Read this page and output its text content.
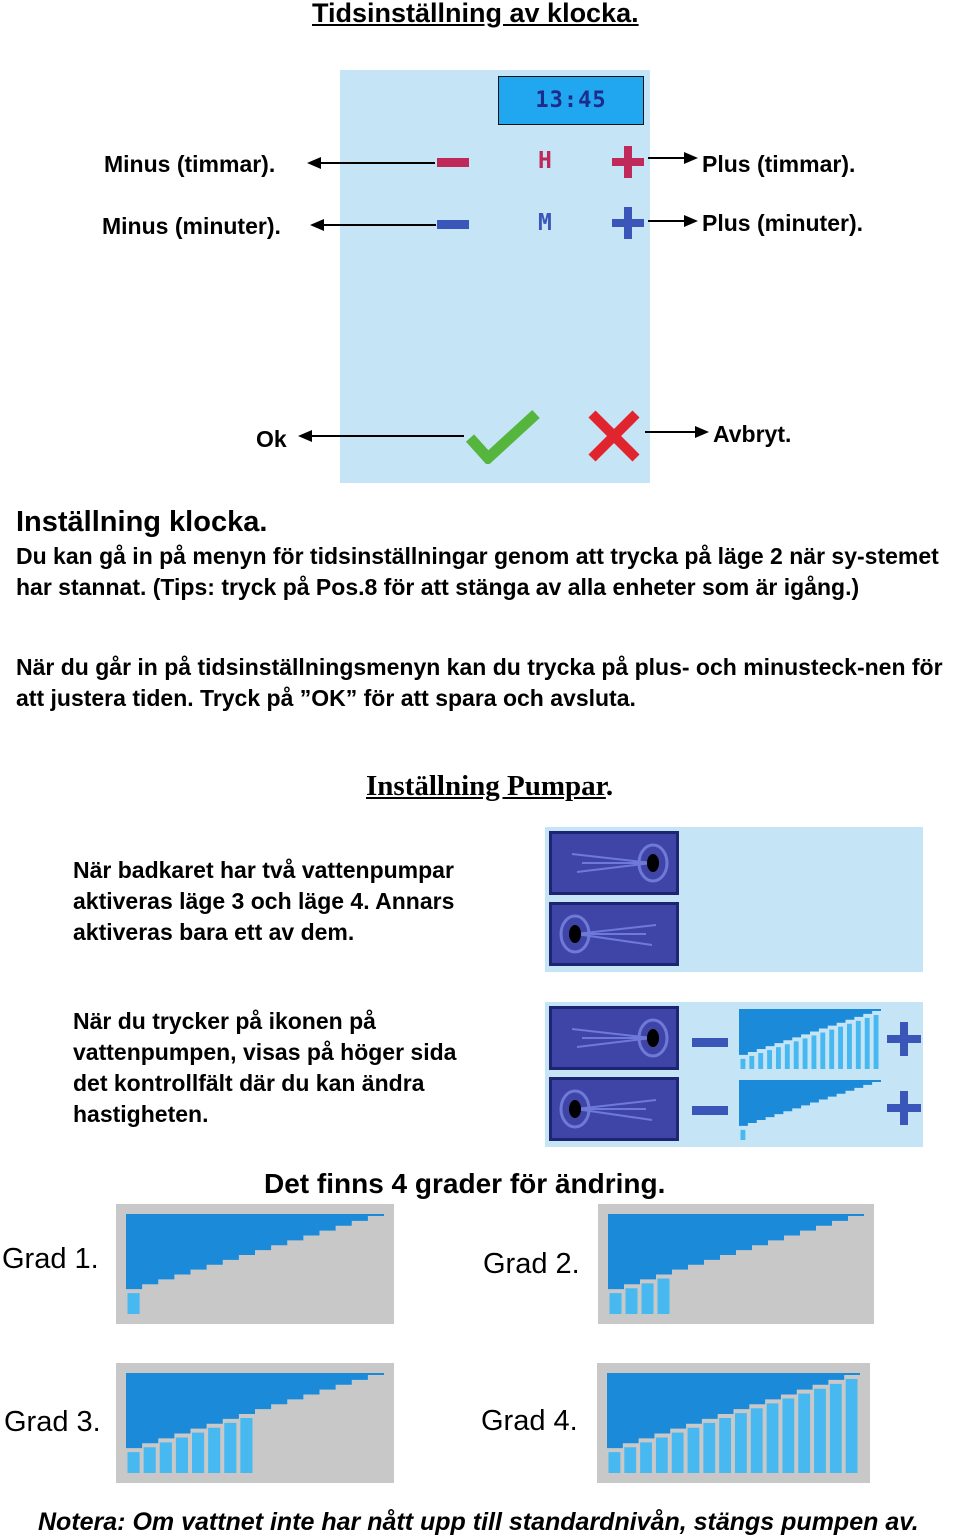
Tidsinställning av klocka.
13:45
H
M
Minus (timmar).
Minus (minuter).
Plus (timmar).
Plus (minuter).
Ok	Avbryt.
Inställning klocka.
Du kan gå in på menyn för tidsinställningar genom att trycka på läge 2 när sy-stemet har stannat. (Tips: tryck på Pos.8 för att stänga av alla enheter som är igång.)
När du går in på tidsinställningsmenyn kan du trycka på plus- och minusteck-nen för att justera tiden. Tryck på ”OK” för att spara och avsluta.
Inställning Pumpar.
När badkaret har två vattenpumpar aktiveras läge 3 och läge 4. Annars aktiveras bara ett av dem.
När du trycker på ikonen på vattenpumpen, visas på höger sida det kontrollfält där du kan ändra hastigheten.
Det finns 4 grader för ändring.
Grad 1.	Grad 2.
Grad 3.	Grad 4.
Notera: Om vattnet inte har nått upp till standardnivån, stängs pumpen av.
